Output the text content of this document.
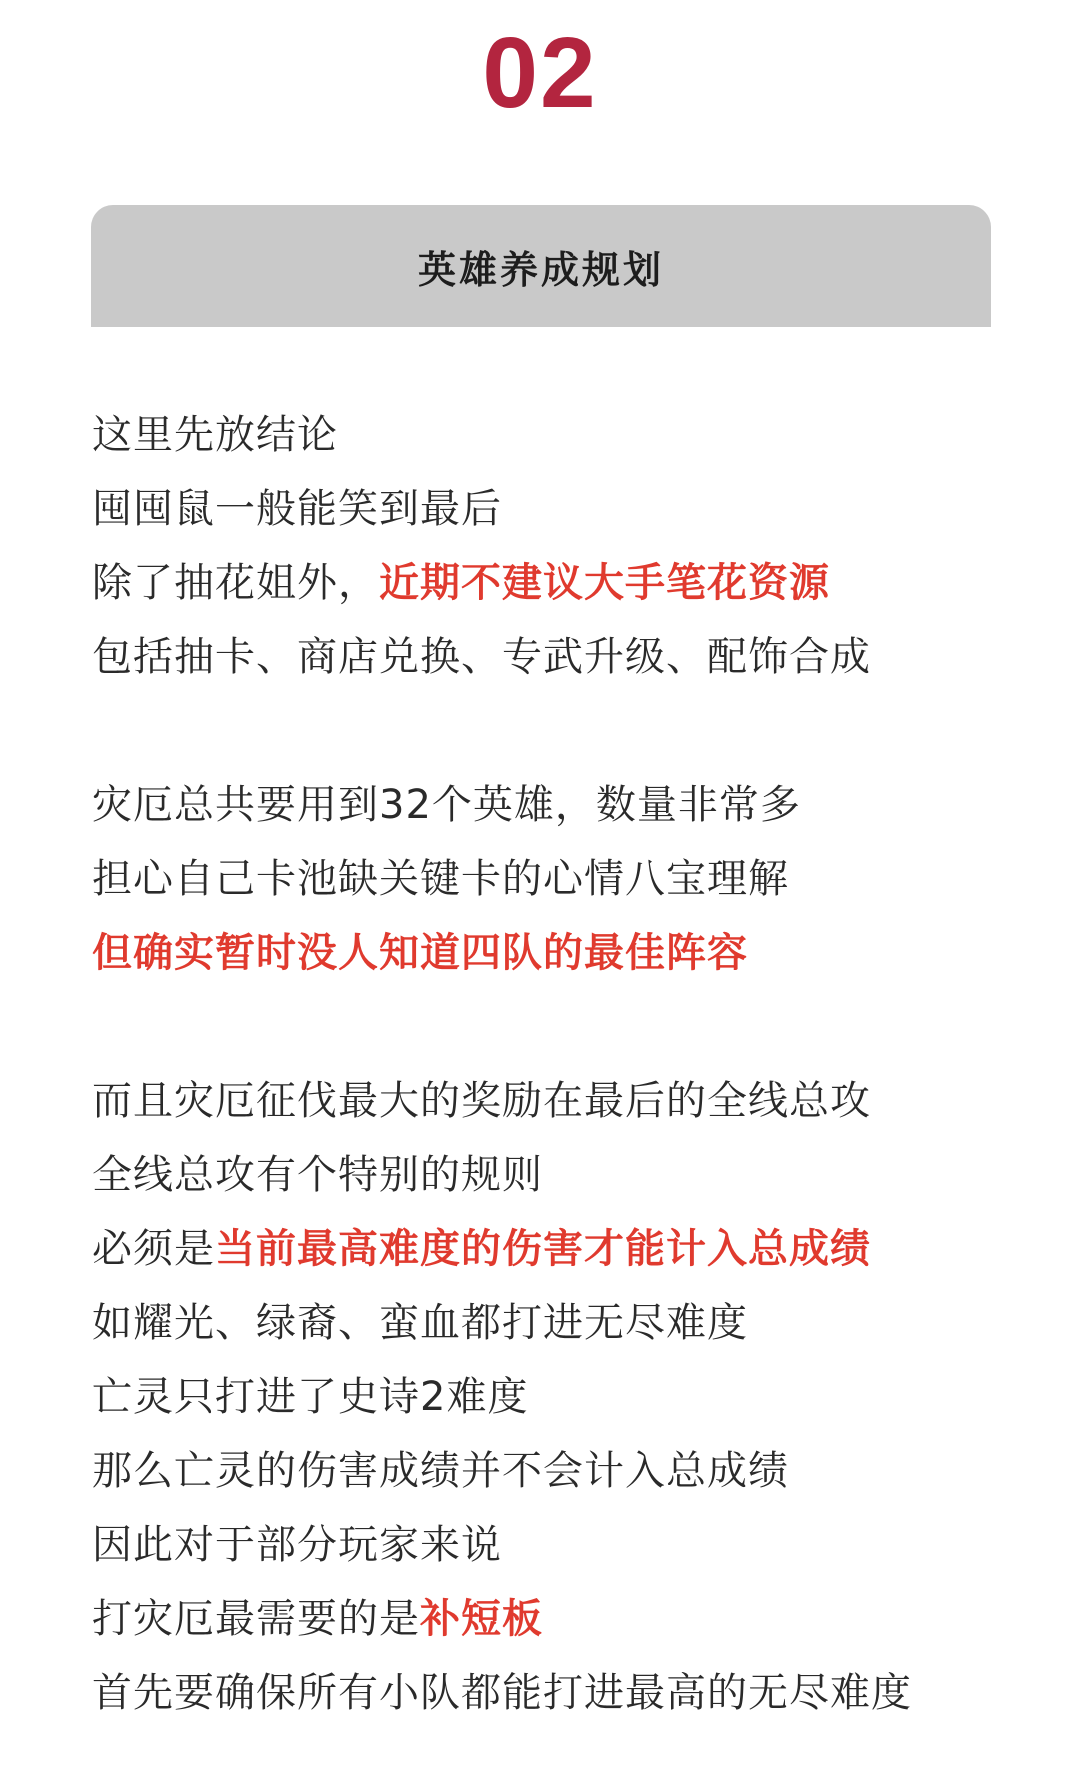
02
英雄养成规划
这里先放结论
囤囤鼠一般能笑到最后
除了抽花姐外，近期不建议大手笔花资源
包括抽卡、商店兑换、专武升级、配饰合成
灾厄总共要用到32个英雄，数量非常多
担心自己卡池缺关键卡的心情八宝理解
但确实暂时没人知道四队的最佳阵容
而且灾厄征伐最大的奖励在最后的全线总攻
全线总攻有个特别的规则
必须是当前最高难度的伤害才能计入总成绩
如耀光、绿裔、蛮血都打进无尽难度
亡灵只打进了史诗2难度
那么亡灵的伤害成绩并不会计入总成绩
因此对于部分玩家来说
打灾厄最需要的是补短板
首先要确保所有小队都能打进最高的无尽难度
